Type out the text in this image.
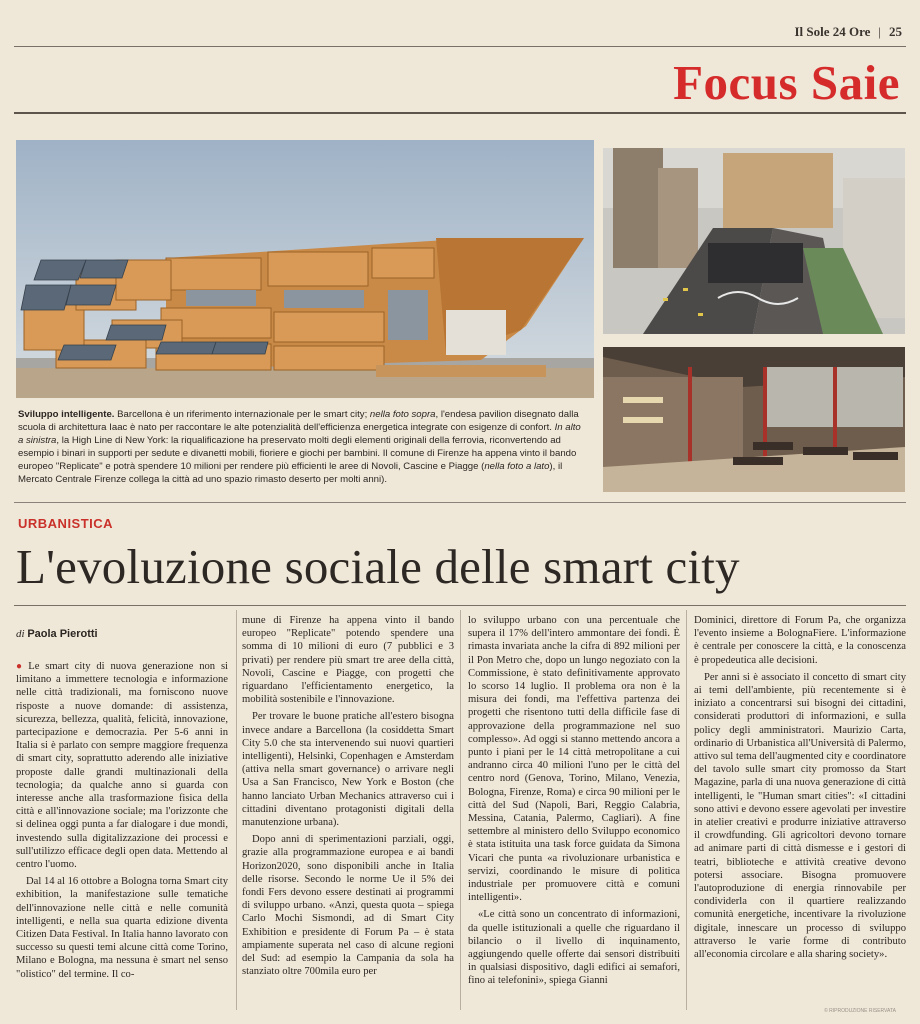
Il Sole 24 Ore | 25
Focus Saie
Sviluppo intelligente. Barcellona è un riferimento internazionale per le smart city; nella foto sopra, l'endesa pavilion disegnato dalla scuola di architettura Iaac è nato per raccontare le alte potenzialità dell'efficienza energetica integrate con esigenze di confort. In alto a sinistra, la High Line di New York: la riqualificazione ha preservato molti degli elementi originali della ferrovia, riconvertendo ad esempio i binari in supporti per sedute e divanetti mobili, fioriere e giochi per bambini. Il comune di Firenze ha appena vinto il bando europeo "Replicate" e potrà spendere 10 milioni per rendere più efficienti le aree di Novoli, Cascine e Piagge (nella foto a lato), il Mercato Centrale Firenze collega la città ad uno spazio rimasto deserto per molti anni).
URBANISTICA
L'evoluzione sociale delle smart city
di Paola Pierotti

● Le smart city di nuova generazione non si limitano a immettere tecnologia e informazione nelle città tradizionali, ma forniscono nuove risposte a nuove domande: di assistenza, sicurezza, bellezza, qualità, felicità, innovazione, partecipazione e democrazia. Per 5-6 anni in Italia si è parlato con sempre maggiore frequenza di smart city, soprattutto aderendo alle iniziative proposte dalle grandi multinazionali della tecnologia; da qualche anno si guarda con interesse anche alla trasformazione fisica della città e all'innovazione sociale; ma l'orizzonte che si delinea oggi punta a far dialogare i due mondi, investendo sulla digitalizzazione dei processi e sull'utilizzo efficace degli open data. Mettendo al centro l'uomo.

Dal 14 al 16 ottobre a Bologna torna Smart city exhibition, la manifestazione sulle tematiche dell'innovazione nelle città e nelle comunità intelligenti, e nella sua quarta edizione diventa Citizen Data Festival. In Italia hanno lavorato con successo su questi temi alcune città come Torino, Milano e Bologna, ma nessuna è smart nel senso "olistico" del termine. Il co-

mune di Firenze ha appena vinto il bando europeo "Replicate" potendo spendere una somma di 10 milioni di euro (7 pubblici e 3 privati) per rendere più smart tre aree della città, Novoli, Cascine e Piagge, con progetti che riguardano l'efficientamento energetico, la mobilità sostenibile e l'innovazione.

Per trovare le buone pratiche all'estero bisogna invece andare a Barcellona (la cosiddetta Smart City 5.0 che sta intervenendo sui nuovi quartieri intelligenti), Helsinki, Copenhagen e Amsterdam (attiva nella smart governance) o arrivare negli Usa a San Francisco, New York e Boston (che hanno lanciato Urban Mechanics attraverso cui i cittadini diventano protagonisti digitali della manutenzione urbana).

Dopo anni di sperimentazioni parziali, oggi, grazie alla programmazione europea e ai bandi Horizon2020, sono disponibili anche in Italia delle risorse. Secondo le norme Ue il 5% dei fondi Fers devono essere destinati ai programmi di sviluppo urbano. «Anzi, questa quota – spiega Carlo Mochi Sismondi, ad di Smart City Exhibition e presidente di Forum Pa – è stata ampiamente superata nel caso di alcune regioni del Sud: ad esempio la Campania da sola ha stanziato oltre 700mila euro per

lo sviluppo urbano con una percentuale che supera il 17% dell'intero ammontare dei fondi. È rimasta invariata anche la cifra di 892 milioni per il Pon Metro che, dopo un lungo negoziato con la Commissione, è stato definitivamente approvato lo scorso 14 luglio. Il problema ora non è la misura dei fondi, ma l'effettiva partenza dei progetti che risentono tutti della difficile fase di approvazione della programmazione nel suo complesso». Ad oggi si stanno mettendo ancora a punto i piani per le 14 città metropolitane a cui andranno circa 40 milioni l'uno per le città del centro nord (Genova, Torino, Milano, Venezia, Bologna, Firenze, Roma) e circa 90 milioni per le città del Sud (Napoli, Bari, Reggio Calabria, Messina, Catania, Palermo, Cagliari). A fine settembre al ministero dello Sviluppo economico è stata istituita una task force guidata da Simona Vicari che punta «a rivoluzionare urbanistica e servizi, coordinando le misure di politica industriale per promuovere città e comuni intelligenti».

«Le città sono un concentrato di informazioni, da quelle istituzionali a quelle che riguardano il bilancio o il livello di inquinamento, aggiungendo quelle offerte dai sensori distribuiti in qualsiasi dispositivo, dagli edifici ai semafori, fino ai telefonini», spiega Gianni

Dominici, direttore di Forum Pa, che organizza l'evento insieme a BolognaFiere. L'informazione è centrale per conoscere la città, e la conoscenza è propedeutica alle decisioni.

Per anni si è associato il concetto di smart city ai temi dell'ambiente, più recentemente si è iniziato a concentrarsi sui bisogni dei cittadini, considerati produttori di informazioni, e sulla policy degli amministratori. Maurizio Carta, ordinario di Urbanistica all'Università di Palermo, attivo sul tema dell'augmented city e coordinatore del tavolo sulle smart city promosso da Start Magazine, parla di una nuova generazione di città intelligenti, le "Human smart cities": «I cittadini sono attivi e devono essere agevolati per investire in atelier creativi e produrre iniziative attraverso il crowdfunding. Gli agricoltori devono tornare ad animare parti di città dismesse e i gestori di teatri, biblioteche e attività creative devono potersi associare. Bisogna promuovere l'autoproduzione di energia rinnovabile per condividerla con il quartiere realizzando comunità energetiche, incentivare la rivoluzione digitale, innescare un processo di sviluppo attraverso le varie forme di contributo all'economia circolare e alla sharing society».

© RIPRODUZIONE RISERVATA
